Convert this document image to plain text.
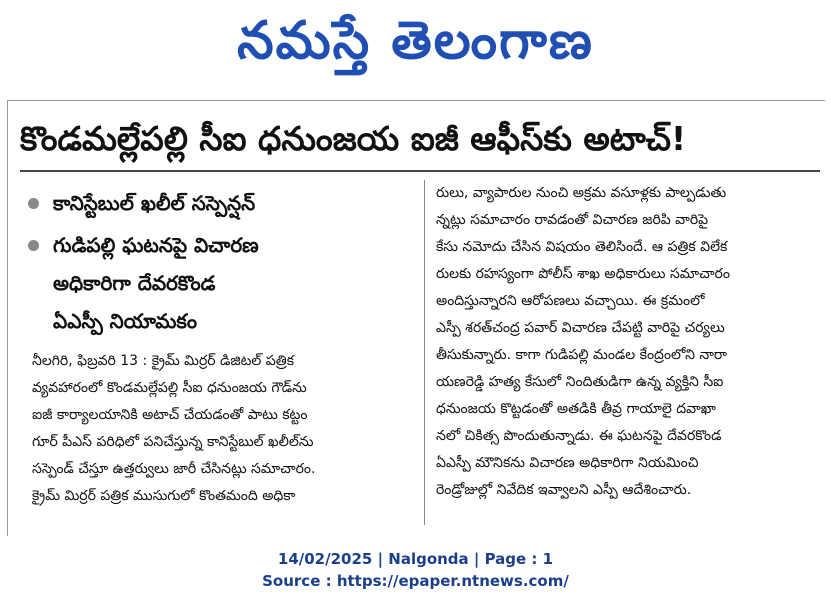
నమస్తే తెలంగాణ
కొండమల్లేపల్లి సీఐ ధనుంజయ ఐజీ ఆఫీస్‌కు అటాచ్!
కానిస్టేబుల్ ఖలీల్ సస్పెన్షన్
గుడిపల్లి ఘటనపై విచారణ
అధికారిగా దేవరకొండ
ఏఎస్పీ నియామకం
నీలగిరి, ఫిబ్రవరి 13 : క్రైమ్ మిర్రర్ డిజిటల్ పత్రిక
వ్యవహారంలో కొండమల్లేపల్లి సీఐ ధనుంజయ గౌడ్‌ను
ఐజీ కార్యాలయానికి అటాచ్ చేయడంతో పాటు కట్టం
గూర్ పీఎస్ పరిధిలో పనిచేస్తున్న కానిస్టేబుల్ ఖలీల్‌ను
సస్పెండ్ చేస్తూ ఉత్తర్వులు జారీ చేసినట్లు సమాచారం.
క్రైమ్ మిర్రర్ పత్రిక ముసుగులో కొంతమంది అధికా
రులు, వ్యాపారుల నుంచి అక్రమ వసూళ్లకు పాల్పడుతు
న్నట్లు సమాచారం రావడంతో విచారణ జరిపి వారిపై
కేసు నమోదు చేసిన విషయం తెలిసిందే. ఆ పత్రిక విలేక
రులకు రహస్యంగా పోలీస్ శాఖ అధికారులు సమాచారం
అందిస్తున్నారని ఆరోపణలు వచ్చాయి. ఈ క్రమంలో
ఎస్పీ శరత్‌చంద్ర పవార్ విచారణ చేపట్టి వారిపై చర్యలు
తీసుకున్నారు. కాగా గుడిపల్లి మండల కేంద్రంలోని నారా
యణరెడ్డి హత్య కేసులో నిందితుడిగా ఉన్న వ్యక్తిని సీఐ
ధనుంజయ కొట్టడంతో అతడికి తీవ్ర గాయాలై దవాఖా
నలో చికిత్స పొందుతున్నాడు. ఈ ఘటనపై దేవరకొండ
ఏఎస్పీ మౌనికను విచారణ అధికారిగా నియమించి
రెండ్రోజుల్లో నివేదిక ఇవ్వాలని ఎస్పీ ఆదేశించారు.
14/02/2025 | Nalgonda | Page : 1
Source : https://epaper.ntnews.com/
